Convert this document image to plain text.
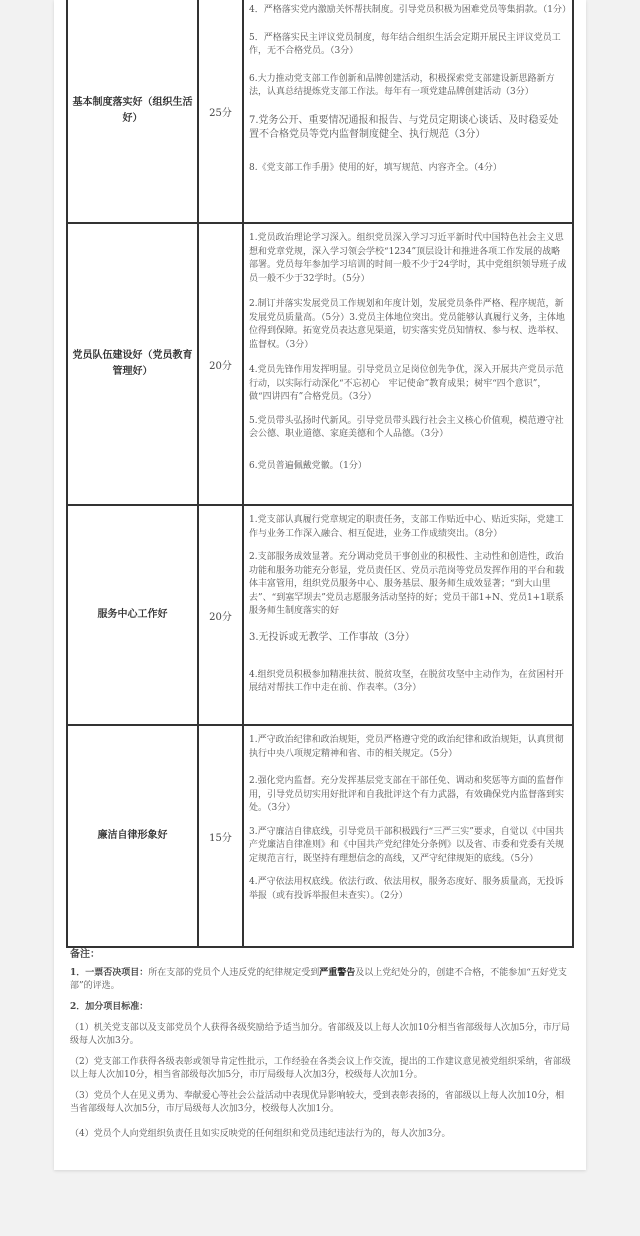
基本制度落实好（组织生活好）	25分

4．严格落实党内激励关怀帮扶制度。引导党员积极为困难党员等集捐款。（1分）

5．严格落实民主评议党员制度，每年结合组织生活会定期开展民主评议党员工作，无不合格党员。（3分）

6.大力推动党支部工作创新和品牌创建活动，积极探索党支部建设新思路新方法，认真总结提炼党支部工作法。每年有一项党建品牌创建活动（3分）

7.党务公开、重要情况通报和报告、与党员定期谈心谈话、及时稳妥处置不合格党员等党内监督制度健全、执行规范（3分）

8.《党支部工作手册》使用的好，填写规范、内容齐全。（4分）

党员队伍建设好（党员教育管理好）	20分

1.党员政治理论学习深入。组织党员深入学习习近平新时代中国特色社会主义思想和党章党规，深入学习领会学校“1234”顶层设计和推进各项工作发展的战略部署。党员每年参加学习培训的时间一般不少于24学时，其中党组织领导班子成员一般不少于32学时。（5分）

2.制订并落实发展党员工作规划和年度计划，发展党员条件严格、程序规范，新发展党员质量高。（5分）3.党员主体地位突出。党员能够认真履行义务，主体地位得到保障。拓宽党员表达意见渠道，切实落实党员知情权、参与权、选举权、监督权。（3分）

4.党员先锋作用发挥明显。引导党员立足岗位创先争优，深入开展共产党员示范行动，以实际行动深化“不忘初心　牢记使命”教育成果；树牢“四个意识”，做“四讲四有”合格党员。（3分）

5.党员带头弘扬时代新风。引导党员带头践行社会主义核心价值观，模范遵守社会公德、职业道德、家庭美德和个人品德。（3分）

6.党员普遍佩戴党徽。（1分）

服务中心工作好	20分

1.党支部认真履行党章规定的职责任务，支部工作贴近中心、贴近实际，党建工作与业务工作深入融合、相互促进，业务工作成绩突出。（8分）

2.支部服务成效显著。充分调动党员干事创业的积极性、主动性和创造性，政治功能和服务功能充分彰显，党员责任区、党员示范岗等党员发挥作用的平台和载体丰富管用，组织党员服务中心、服务基层、服务师生成效显著；“到大山里去”、“到塞罕坝去”党员志愿服务活动坚持的好；党员干部1+N、党员1+1联系服务师生制度落实的好

3.无投诉或无教学、工作事故（3分）

4.组织党员积极参加精准扶贫、脱贫攻坚，在脱贫攻坚中主动作为，在贫困村开展结对帮扶工作中走在前、作表率。（3分）

廉洁自律形象好	15分

1.严守政治纪律和政治规矩，党员严格遵守党的政治纪律和政治规矩，认真贯彻执行中央八项规定精神和省、市的相关规定。（5分）

2.强化党内监督。充分发挥基层党支部在干部任免、调动和奖惩等方面的监督作用，引导党员切实用好批评和自我批评这个有力武器，有效确保党内监督落到实处。（3分）

3.严守廉洁自律底线，引导党员干部积极践行“三严三实”要求，自觉以《中国共产党廉洁自律准则》和《中国共产党纪律处分条例》以及省、市委和党委有关规定规范言行，既坚持有理想信念的高线，又严守纪律规矩的底线。（5分）

4.严守依法用权底线。依法行政、依法用权，服务态度好、服务质量高，无投诉举报（或有投诉举报但未查实）。（2分）

备注：

1．一票否决项目：所在支部的党员个人违反党的纪律规定受到严重警告及以上党纪处分的，创建不合格，不能参加“五好党支部”的评选。

2．加分项目标准：

（1）机关党支部以及支部党员个人获得各级奖励给予适当加分。省部级及以上每人次加10分相当省部级每人次加5分，市厅局级每人次加3分。

（2）党支部工作获得各级表彰或领导肯定性批示，工作经验在各类会议上作交流，提出的工作建议意见被党组织采纳，省部级以上每人次加10分，相当省部级每次加5分，市厅局级每人次加3分，校级每人次加1分。

（3）党员个人在见义勇为、奉献爱心等社会公益活动中表现优异影响较大，受到表彰表扬的，省部级以上每人次加10分，相当省部级每人次加5分，市厅局级每人次加3分，校级每人次加1分。

（4）党员个人向党组织负责任且如实反映党的任何组织和党员违纪违法行为的，每人次加3分。
